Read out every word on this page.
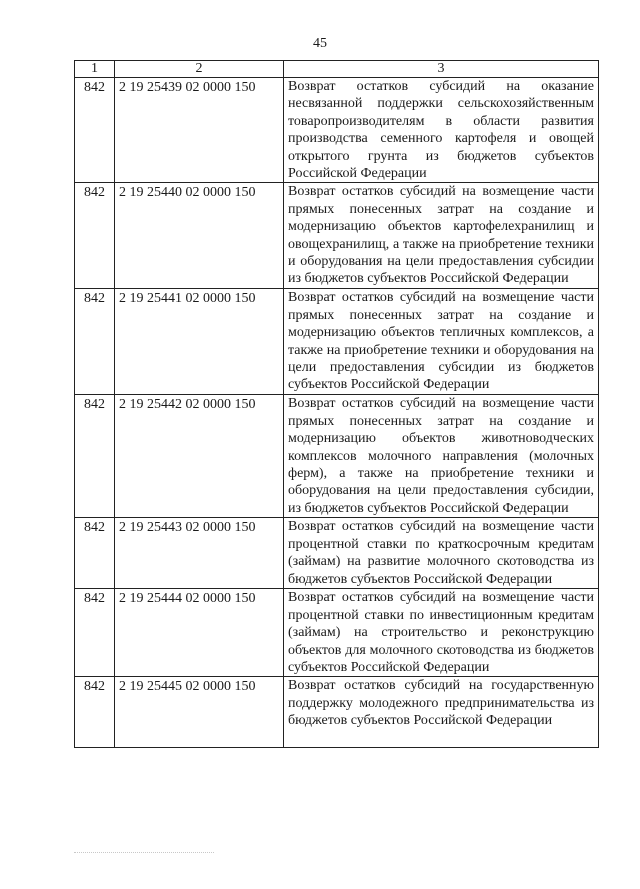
45
1	2	3
842	2 19 25439 02 0000 150	Возврат остатков субсидий на оказание несвязанной поддержки сельскохозяйственным товаропроизводителям в области развития производства семенного картофеля и овощей открытого грунта из бюджетов субъектов Российской Федерации
842	2 19 25440 02 0000 150	Возврат остатков субсидий на возмещение части прямых понесенных затрат на создание и модернизацию объектов картофелехранилищ и овощехранилищ, а также на приобретение техники и оборудования на цели предоставления субсидии из бюджетов субъектов Российской Федерации
842	2 19 25441 02 0000 150	Возврат остатков субсидий на возмещение части прямых понесенных затрат на создание и модернизацию объектов тепличных комплексов, а также на приобретение техники и оборудования на цели предоставления субсидии из бюджетов субъектов Российской Федерации
842	2 19 25442 02 0000 150	Возврат остатков субсидий на возмещение части прямых понесенных затрат на создание и модернизацию объектов животноводческих комплексов молочного направления (молочных ферм), а также на приобретение техники и оборудования на цели предоставления субсидии, из бюджетов субъектов Российской Федерации
842	2 19 25443 02 0000 150	Возврат остатков субсидий на возмещение части процентной ставки по краткосрочным кредитам (займам) на развитие молочного скотоводства из бюджетов субъектов Российской Федерации
842	2 19 25444 02 0000 150	Возврат остатков субсидий на возмещение части процентной ставки по инвестиционным кредитам (займам) на строительство и реконструкцию объектов для молочного скотоводства из бюджетов субъектов Российской Федерации
842	2 19 25445 02 0000 150	Возврат остатков субсидий на государственную поддержку молодежного предпринимательства из бюджетов субъектов Российской Федерации
